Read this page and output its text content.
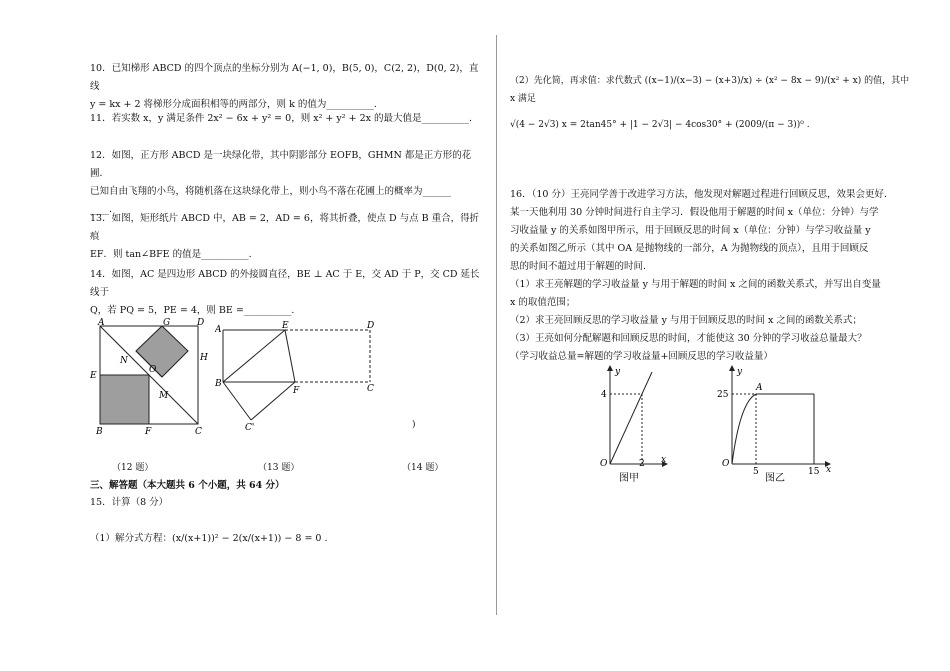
10．已知梯形 ABCD 的四个顶点的坐标分别为 A(−1, 0)，B(5, 0)，C(2, 2)，D(0, 2)，直线
y = kx + 2 将梯形分成面积相等的两部分，则 k 的值为__________.
11．若实数 x，y 满足条件 2x² − 6x + y² = 0，则 x² + y² + 2x 的最大值是__________.
12．如图，正方形 ABCD 是一块绿化带，其中阴影部分 EOFB，GHMN 都是正方形的花圃．
已知自由飞翔的小鸟，将随机落在这块绿化带上，则小鸟不落在花圃上的概率为______
____.
13．如图，矩形纸片 ABCD 中，AB = 2，AD = 6，将其折叠，使点 D 与点 B 重合，得折痕
EF．则 tan∠BFE 的值是__________.
14．如图，AC 是四边形 ABCD 的外接圆直径，BE ⊥ AC 于 E，交 AD 于 P，交 CD 延长线于
Q，若 PQ = 5，PE = 4，则 BE =__________.
A	G	D
N	H
E
O
M
B	F	C
A	E	D
B	C
F
C'	)
（12 题）	（13 题）	（14 题）
三、解答题（本大题共 6 个小题，共 64 分）
15．计算（8 分）
（1）解分式方程：(x/(x+1))² − 2(x/(x+1)) − 8 = 0 .
（2）先化简，再求值：求代数式 ((x−1)/(x−3) − (x+3)/x) ÷ (x² − 8x − 9)/(x² + x) 的值，其中 x 满足
√(4 − 2√3) x = 2tan45° + |1 − 2√3| − 4cos30° + (2009/(π − 3))⁰ .
16．（10 分）王亮同学善于改进学习方法，他发现对解题过程进行回顾反思，效果会更好．
某一天他利用 30 分钟时间进行自主学习．假设他用于解题的时间 x（单位：分钟）与学
习收益量 y 的关系如图甲所示，用于回顾反思的时间 x（单位：分钟）与学习收益量 y
的关系如图乙所示（其中 OA 是抛物线的一部分，A 为抛物线的顶点），且用于回顾反
思的时间不超过用于解题的时间.
（1）求王亮解题的学习收益量 y 与用于解题的时间 x 之间的函数关系式，并写出自变量
x 的取值范围；
（2）求王亮回顾反思的学习收益量 y 与用于回顾反思的时间 x 之间的函数关系式；
（3）王亮如何分配解题和回顾反思的时间，才能使这 30 分钟的学习收益总量最大？
（学习收益总量=解题的学习收益量+回顾反思的学习收益量）
y
x
O
4
2
图甲
y
x
O
A
25
5	15
图乙
